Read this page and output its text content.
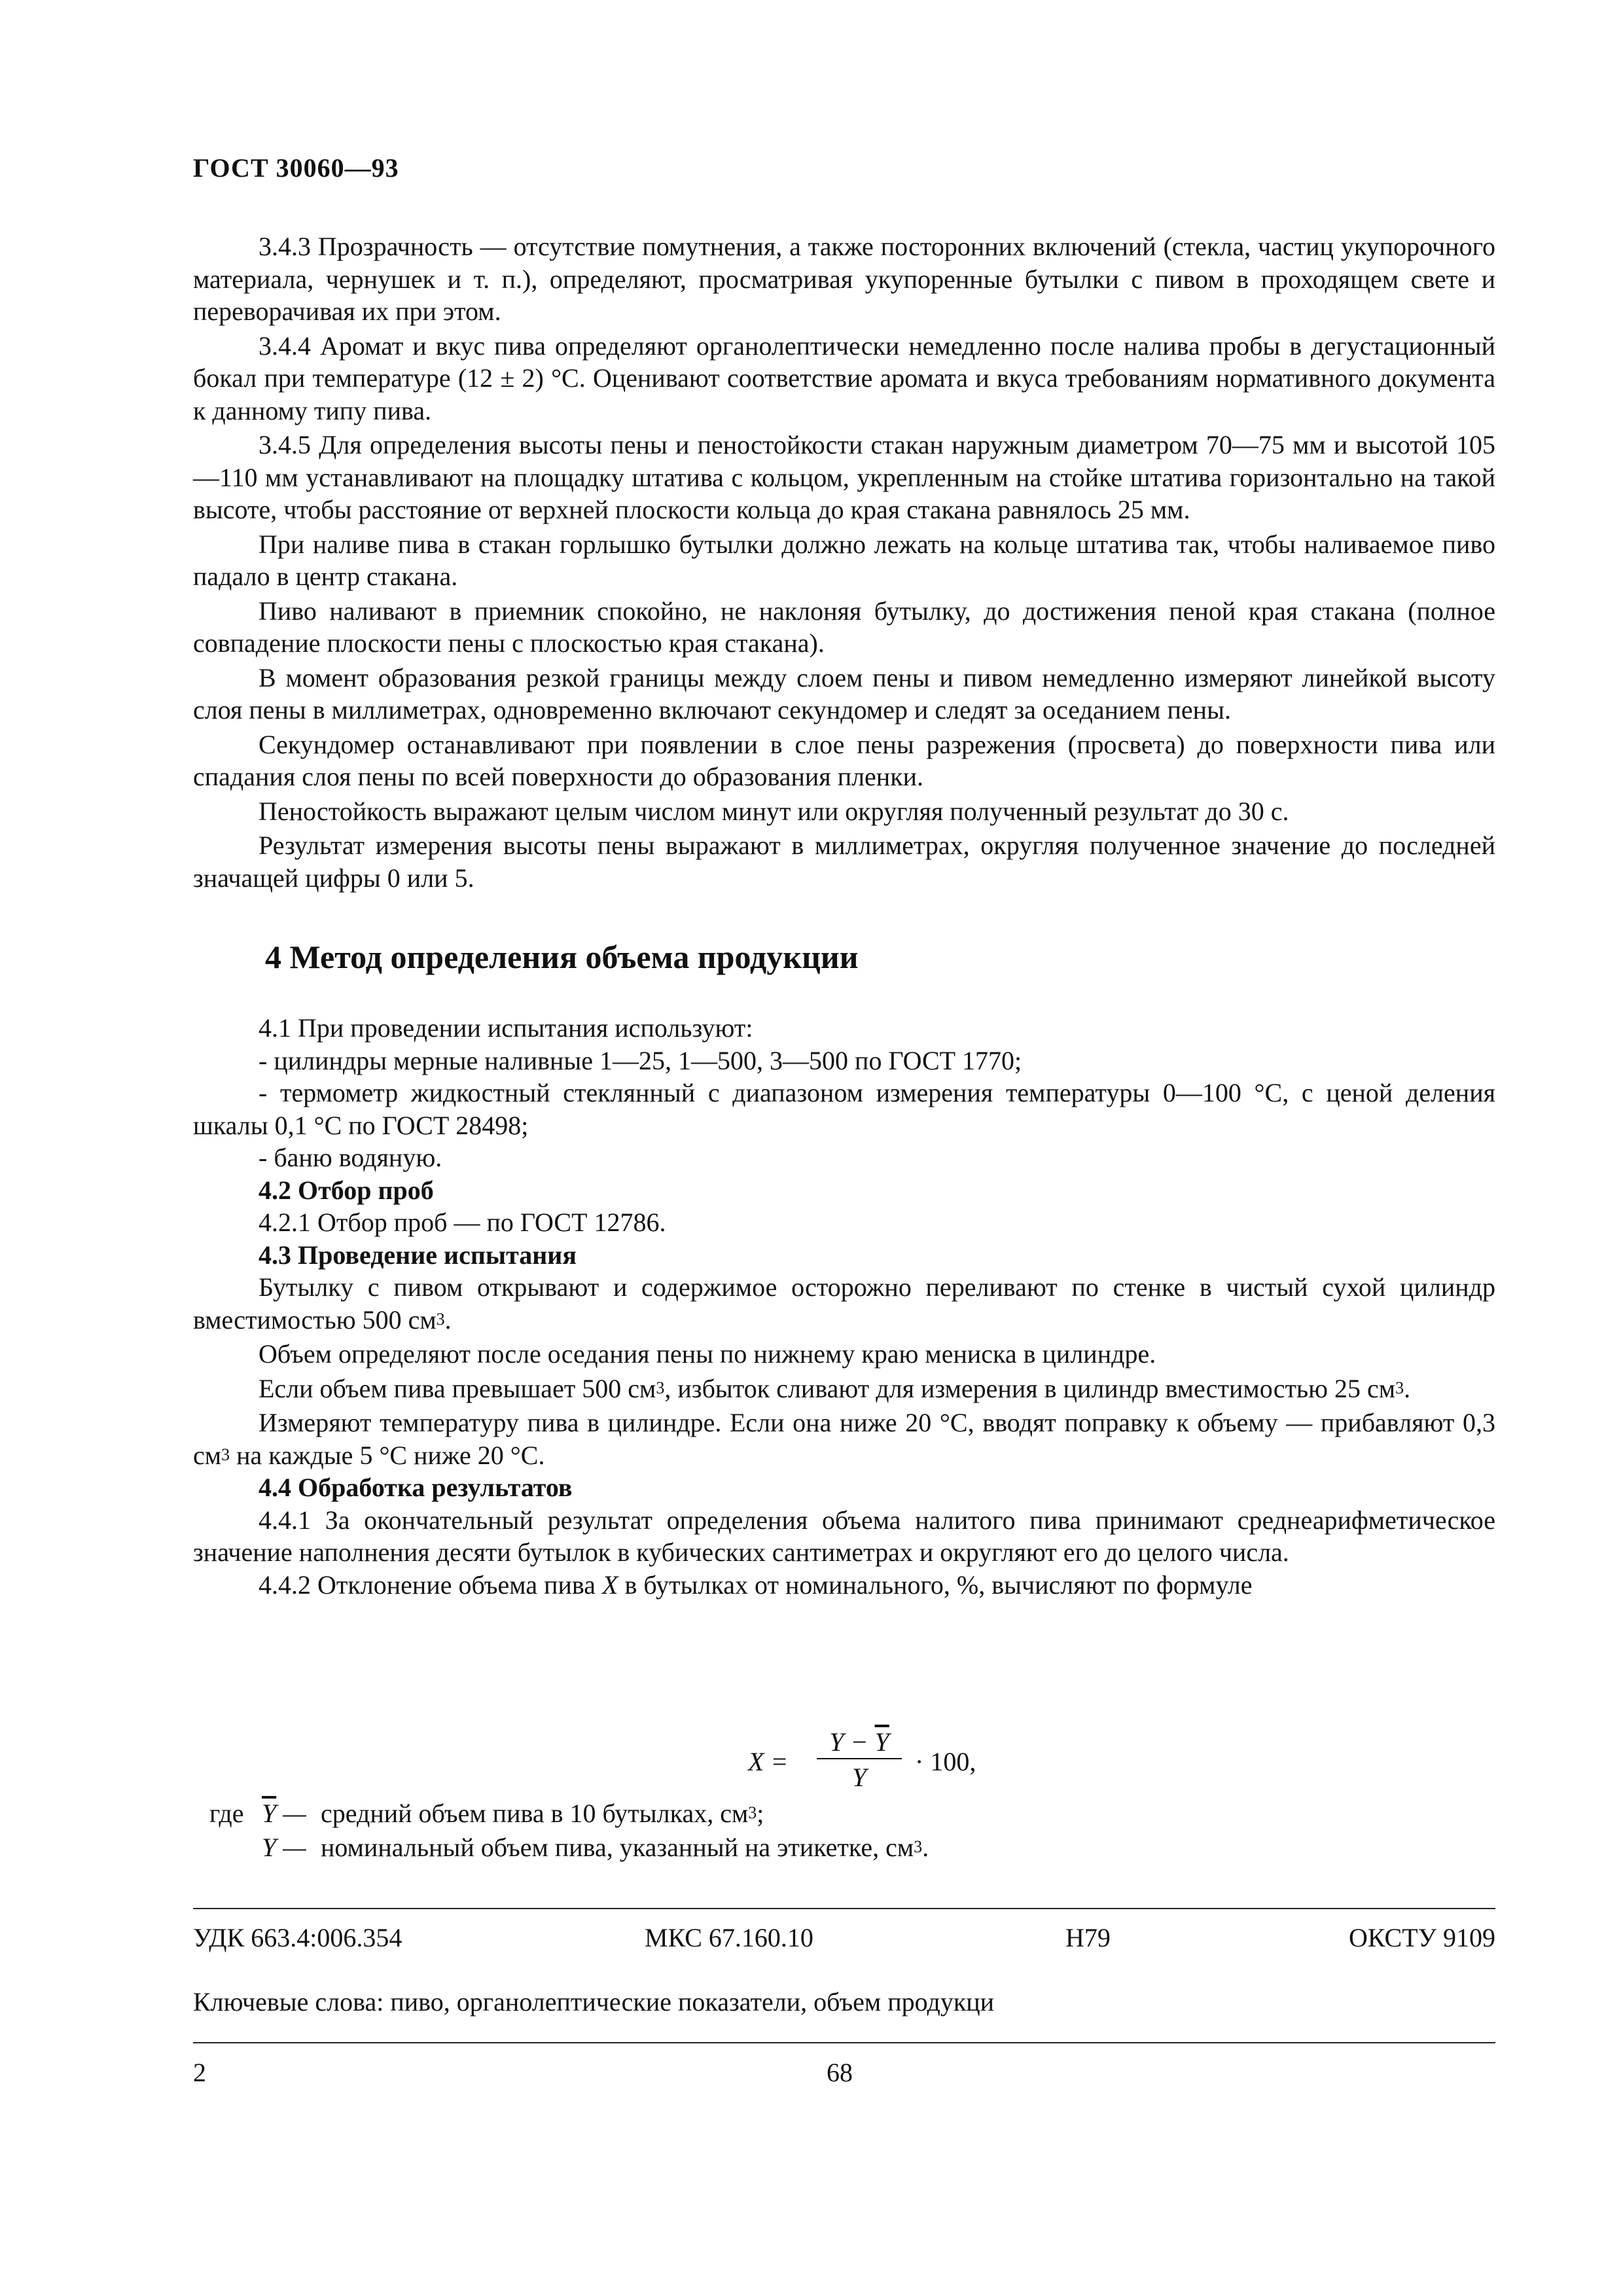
ГОСТ 30060—93

3.4.3 Прозрачность — отсутствие помутнения, а также посторонних включений (стекла, частиц укупорочного материала, чернушек и т. п.), определяют, просматривая укупоренные бутылки с пивом в проходящем свете и переворачивая их при этом.

3.4.4 Аромат и вкус пива определяют органолептически немедленно после налива пробы в дегустационный бокал при температуре (12 ± 2) °С. Оценивают соответствие аромата и вкуса требованиям нормативного документа к данному типу пива.

3.4.5 Для определения высоты пены и пеностойкости стакан наружным диаметром 70—75 мм и высотой 105—110 мм устанавливают на площадку штатива с кольцом, укрепленным на стойке штатива горизонтально на такой высоте, чтобы расстояние от верхней плоскости кольца до края стакана равнялось 25 мм.

При наливе пива в стакан горлышко бутылки должно лежать на кольце штатива так, чтобы наливаемое пиво падало в центр стакана.

Пиво наливают в приемник спокойно, не наклоняя бутылку, до достижения пеной края стакана (полное совпадение плоскости пены с плоскостью края стакана).

В момент образования резкой границы между слоем пены и пивом немедленно измеряют линейкой высоту слоя пены в миллиметрах, одновременно включают секундомер и следят за оседанием пены.

Секундомер останавливают при появлении в слое пены разрежения (просвета) до поверхности пива или спадания слоя пены по всей поверхности до образования пленки.

Пеностойкость выражают целым числом минут или округляя полученный результат до 30 с.

Результат измерения высоты пены выражают в миллиметрах, округляя полученное значение до последней значащей цифры 0 или 5.

4 Метод определения объема продукции

4.1 При проведении испытания используют:

- цилиндры мерные наливные 1—25, 1—500, 3—500 по ГОСТ 1770;

- термометр жидкостный стеклянный с диапазоном измерения температуры 0—100 °С, с ценой деления шкалы 0,1 °С по ГОСТ 28498;

- баню водяную.

4.2 Отбор проб

4.2.1 Отбор проб — по ГОСТ 12786.

4.3 Проведение испытания

Бутылку с пивом открывают и содержимое осторожно переливают по стенке в чистый сухой цилиндр вместимостью 500 $см^3$.

Объем определяют после оседания пены по нижнему краю мениска в цилиндре.

Если объем пива превышает 500 $см^3$, избыток сливают для измерения в цилиндр вместимостью 25 $см^3$.

Измеряют температуру пива в цилиндре. Если она ниже 20 °С, вводят поправку к объему — прибавляют 0,3 $см^3$ на каждые 5 °С ниже 20 °С.

4.4 Обработка результатов

4.4.1 За окончательный результат определения объема налитого пива принимают среднеарифметическое значение наполнения десяти бутылок в кубических сантиметрах и округляют его до целого числа.

4.4.2 Отклонение объема пива X в бутылках от номинального, %, вычисляют по формуле

X =
$Y - \overline{Y}$
Y
· 100,
где $\overline{Y}$ — средний объем пива в 10 бутылках, $см^3$;
Y — номинальный объем пива, указанный на этикетке, $см^3$.
УДК 663.4:006.354	МКС 67.160.10	Н79	ОКСТУ 9109
Ключевые слова: пиво, органолептические показатели, объем продукци
2	68
